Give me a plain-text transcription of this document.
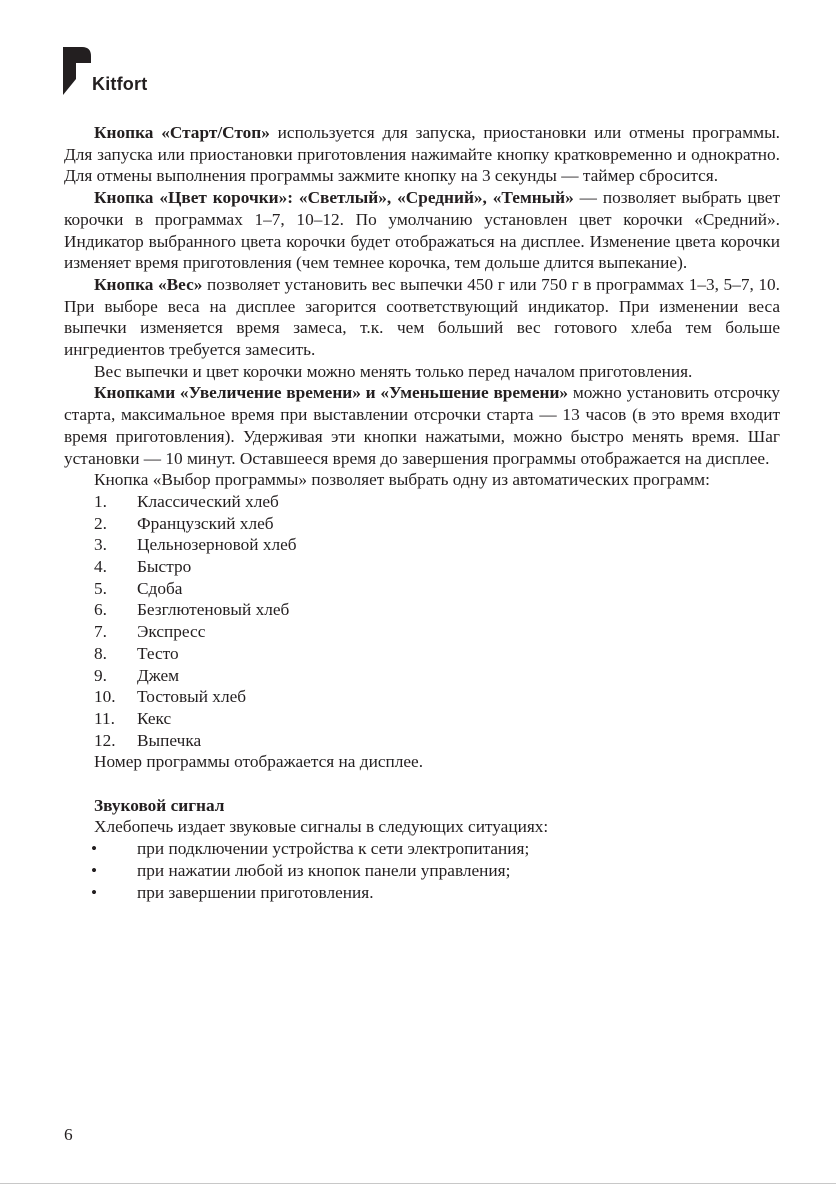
Kitfort

Кнопка «Старт/Стоп» используется для запуска, приостановки или отмены программы. Для запуска или приостановки приготовления нажимайте кнопку кратковременно и однократно. Для отмены выполнения программы зажмите кнопку на 3 секунды — таймер сбросится.

Кнопка «Цвет корочки»: «Светлый», «Средний», «Темный» — позволяет выбрать цвет корочки в программах 1–7, 10–12. По умолчанию установлен цвет корочки «Средний». Индикатор выбранного цвета корочки будет отображаться на дисплее. Изменение цвета корочки изменяет время приготовления (чем темнее корочка, тем дольше длится выпекание).

Кнопка «Вес» позволяет установить вес выпечки 450 г или 750 г в программах 1–3, 5–7, 10. При выборе веса на дисплее загорится соответствующий индикатор. При изменении веса выпечки изменяется время замеса, т.к. чем больший вес готового хлеба тем больше ингредиентов требуется замесить.

Вес выпечки и цвет корочки можно менять только перед началом приготовления.

Кнопками «Увеличение времени» и «Уменьшение времени» можно установить отсрочку старта, максимальное время при выставлении отсрочки старта — 13 часов (в это время входит время приготовления). Удерживая эти кнопки нажатыми, можно быстро менять время. Шаг установки — 10 минут. Оставшееся время до завершения программы отображается на дисплее.

Кнопка «Выбор программы» позволяет выбрать одну из автоматических программ:

1. Классический хлеб
2. Французский хлеб
3. Цельнозерновой хлеб
4. Быстро
5. Сдоба
6. Безглютеновый хлеб
7. Экспресс
8. Тесто
9. Джем
10. Тостовый хлеб
11. Кекс
12. Выпечка

Номер программы отображается на дисплее.

Звуковой сигнал
Хлебопечь издает звуковые сигналы в следующих ситуациях:
• при подключении устройства к сети электропитания;
• при нажатии любой из кнопок панели управления;
• при завершении приготовления.
6
